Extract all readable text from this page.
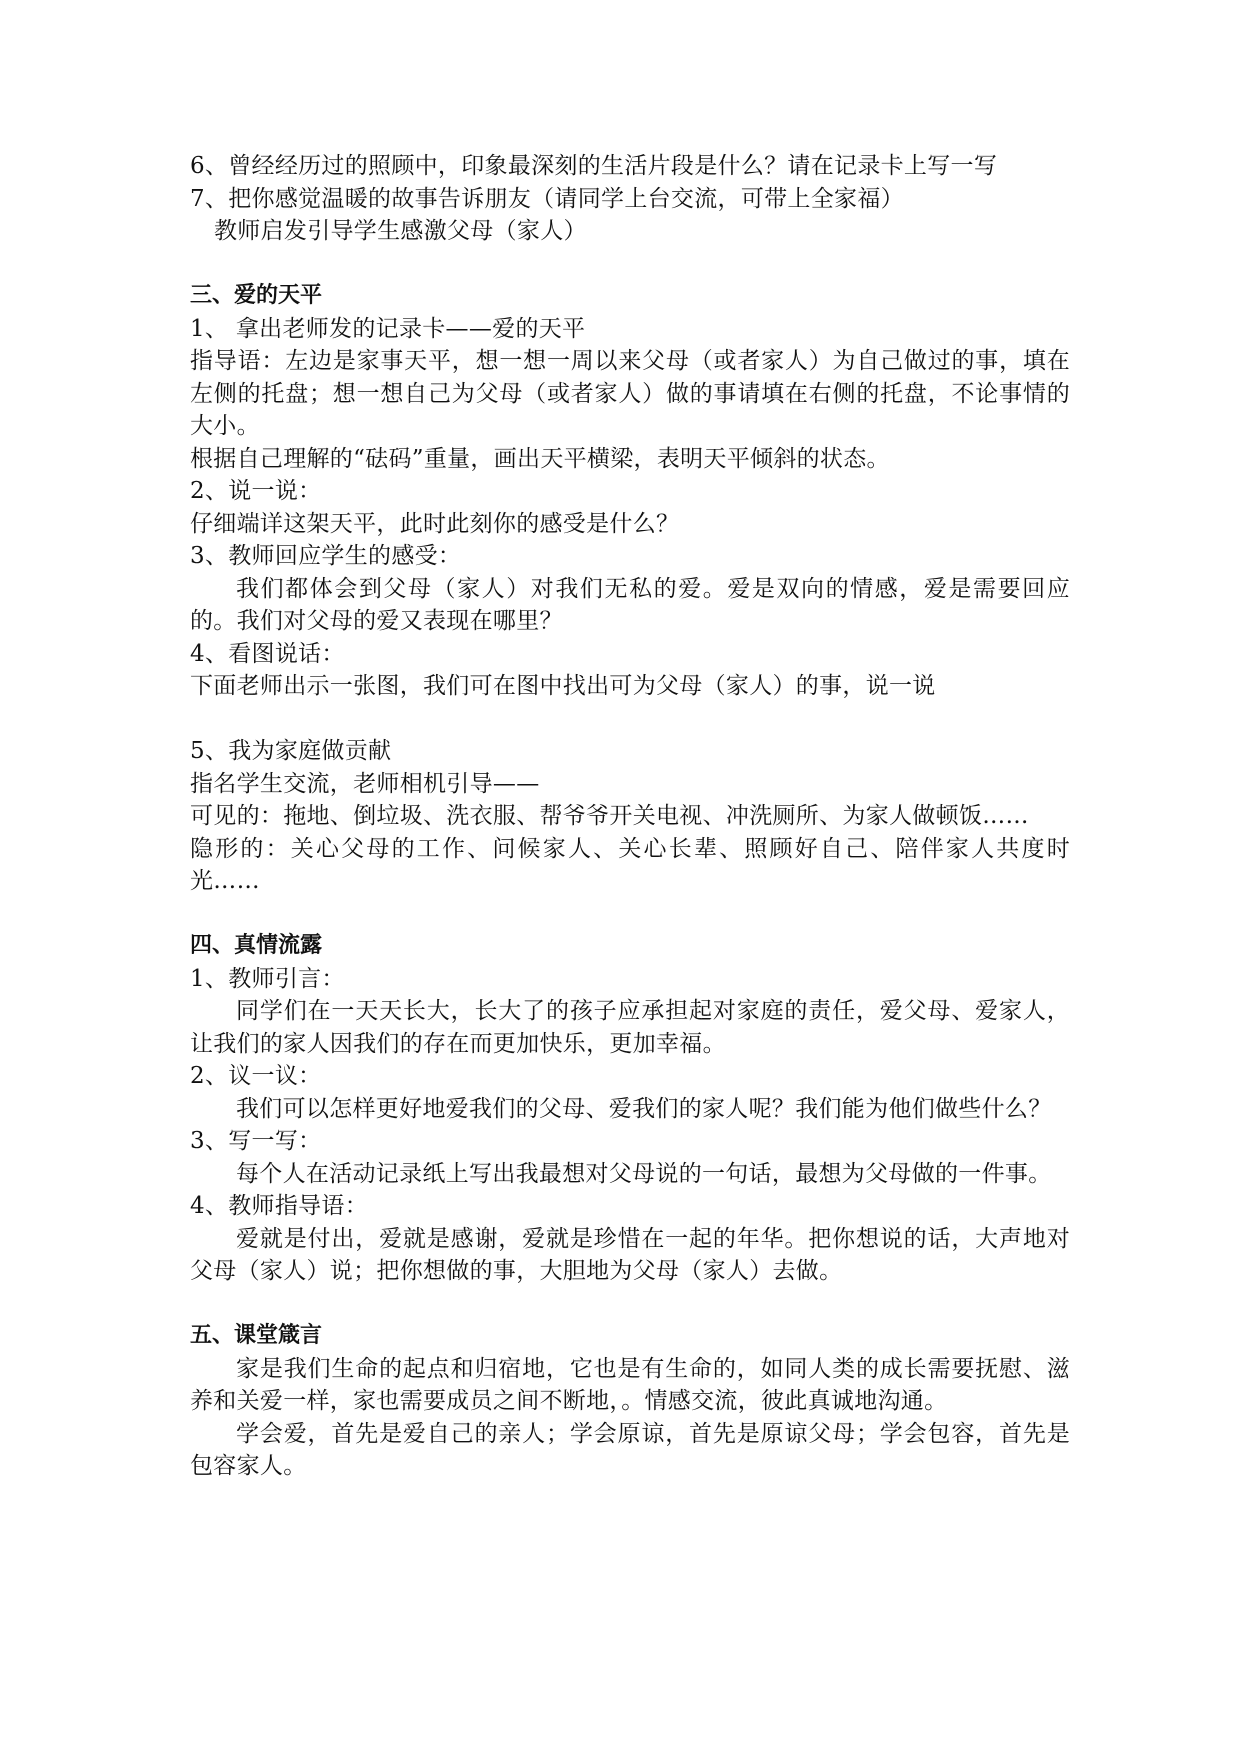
6、曾经经历过的照顾中，印象最深刻的生活片段是什么？请在记录卡上写一写
7、把你感觉温暖的故事告诉朋友（请同学上台交流，可带上全家福）
教师启发引导学生感激父母（家人）
三、爱的天平
1、 拿出老师发的记录卡——爱的天平
指导语：左边是家事天平，想一想一周以来父母（或者家人）为自己做过的事，填在左侧的托盘；想一想自己为父母（或者家人）做的事请填在右侧的托盘，不论事情的大小。
根据自己理解的“砝码”重量，画出天平横梁，表明天平倾斜的状态。
2、说一说：
仔细端详这架天平，此时此刻你的感受是什么？
3、教师回应学生的感受：
我们都体会到父母（家人）对我们无私的爱。爱是双向的情感，爱是需要回应的。我们对父母的爱又表现在哪里？
4、看图说话：
下面老师出示一张图，我们可在图中找出可为父母（家人）的事，说一说
5、我为家庭做贡献
指名学生交流，老师相机引导——
可见的：拖地、倒垃圾、洗衣服、帮爷爷开关电视、冲洗厕所、为家人做顿饭……
隐形的：关心父母的工作、问候家人、关心长辈、照顾好自己、陪伴家人共度时光……
四、真情流露
1、教师引言：
同学们在一天天长大，长大了的孩子应承担起对家庭的责任，爱父母、爱家人，让我们的家人因我们的存在而更加快乐，更加幸福。
2、议一议：
我们可以怎样更好地爱我们的父母、爱我们的家人呢？我们能为他们做些什么？
3、写一写：
每个人在活动记录纸上写出我最想对父母说的一句话，最想为父母做的一件事。
4、教师指导语：
爱就是付出，爱就是感谢，爱就是珍惜在一起的年华。把你想说的话，大声地对父母（家人）说；把你想做的事，大胆地为父母（家人）去做。
五、课堂箴言
家是我们生命的起点和归宿地，它也是有生命的，如同人类的成长需要抚慰、滋养和关爱一样，家也需要成员之间不断地，。情感交流，彼此真诚地沟通。
学会爱，首先是爱自己的亲人；学会原谅，首先是原谅父母；学会包容，首先是包容家人。
